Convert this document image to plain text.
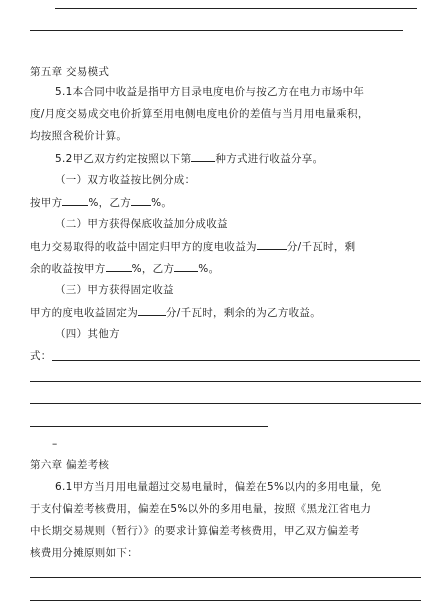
第五章 交易模式
5.1本合同中收益是指甲方目录电度电价与按乙方在电力市场中年
度/月度交易成交电价折算至用电侧电度电价的差值与当月用电量乘积，
均按照含税价计算。
5.2甲乙双方约定按照以下第 种方式进行收益分享。
（一）双方收益按比例分成：
按甲方 %，乙方 %。
（二）甲方获得保底收益加分成收益
电力交易取得的收益中固定归甲方的度电收益为	分/千瓦时，剩
余的收益按甲方 %，乙方 %。
（三）甲方获得固定收益
甲方的度电收益固定为	分/千瓦时，剩余的为乙方收益。
（四）其他方
式：
–
第六章 偏差考核
6.1甲方当月用电量超过交易电量时，偏差在5%以内的多用电量，免
于支付偏差考核费用，偏差在5%以外的多用电量，按照《黑龙江省电力
中长期交易规则（暂行）》的要求计算偏差考核费用，甲乙双方偏差考
核费用分摊原则如下：
